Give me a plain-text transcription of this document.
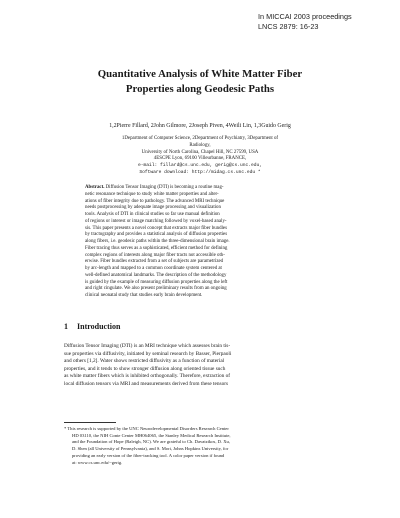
In MICCAI 2003 proceedings
LNCS 2879: 16-23
Quantitative Analysis of White Matter Fiber
Properties along Geodesic Paths
1,2Pierre Fillard, 2John Gilmore, 2Joseph Piven, 4Weili Lin, 1,3Guido Gerig
1Department of Computer Science, 2Department of Psychiatry, 3Department of
Radiology,
University of North Carolina, Chapel Hill, NC 27599, USA
4ESCPE Lyon, 69100 Villeurbanne, FRANCE,
e-mail: fillard@cs.unc.edu, gerig@cs.unc.edu,
Software download: http://midag.cs.unc.edu *
Abstract. Diffusion Tensor Imaging (DTI) is becoming a routine mag-
netic resonance technique to study white matter properties and alter-
ations of fiber integrity due to pathology. The advanced MRI technique
needs postprocessing by adequate image processing and visualization
tools. Analysis of DTI in clinical studies so far use manual definition
of regions or interest or image matching followed by voxel-based analy-
sis. This paper presents a novel concept that extracts major fiber bundles
by tractography and provides a statistical analysis of diffusion properties
along fibers, i.e. geodesic paths within the three-dimensional brain image.
Fiber tracing thus serves as a sophisticated, efficient method for defining
complex regions of interests along major fiber tracts not accessible oth-
erwise. Fiber bundles extracted from a set of subjects are parametrized
by arc-length and mapped to a common coordinate system centered at
well-defined anatomical landmarks. The description of the methodology
is guided by the example of measuring diffusion properties along the left
and right cingulate. We also present preliminary results from an ongoing
clinical neonatal study that studies early brain development.
1 Introduction
Diffusion Tensor Imaging (DTI) is an MRI technique which assesses brain tis-
sue properties via diffusivity, initiated by seminal research by Basser, Pierpaoli
and others [1,2]. Water shows restricted diffusivity as a function of material
properties, and it tends to show stronger diffusion along oriented tissue such
as white matter fibers which is inhibited orthogonally. Therefore, extraction of
local diffusion tensors via MRI and measurements derived from these tensors
* This research is supported by the UNC Neurodevelopmental Disorders Research Center
HD 03110, the NIH Conte Center MH064065, the Stanley Medical Research Institute,
and the Foundation of Hope (Raleigh, NC). We are grateful to Ch. Davatzikos, D. Xu,
D. Shen (all University of Pennsylvania), and S. Mori, Johns Hopkins University, for
providing an early version of the fiber-tracking tool. A color paper version if found
at: www.cs.unc.edu/~gerig.
